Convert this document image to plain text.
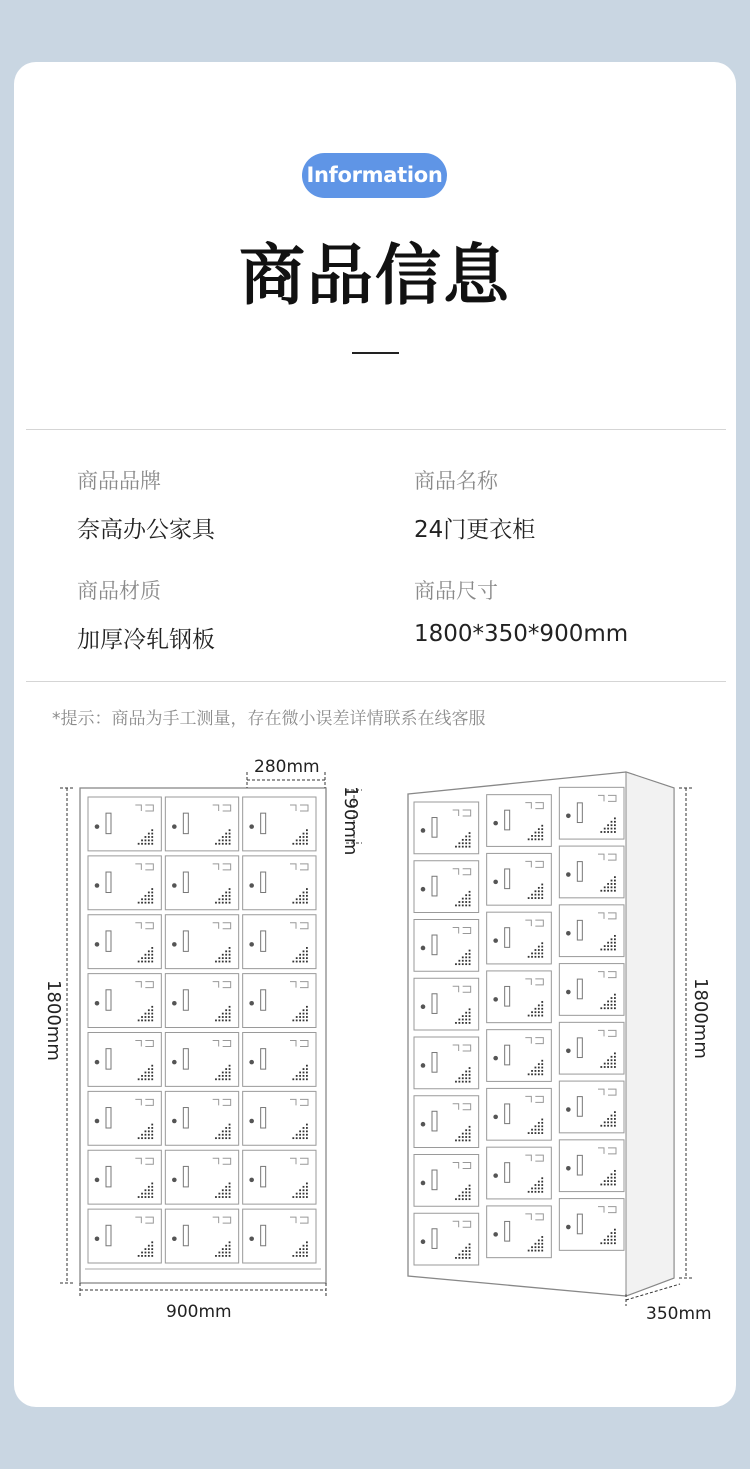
Information
商品信息
商品品牌
奈高办公家具
商品名称
24门更衣柜
商品材质
加厚冷轧钢板
商品尺寸
1800*350*900mm
*提示：商品为手工测量，存在微小误差详情联系在线客服
280mm
190mm
1800mm
900mm
1800mm
350mm
